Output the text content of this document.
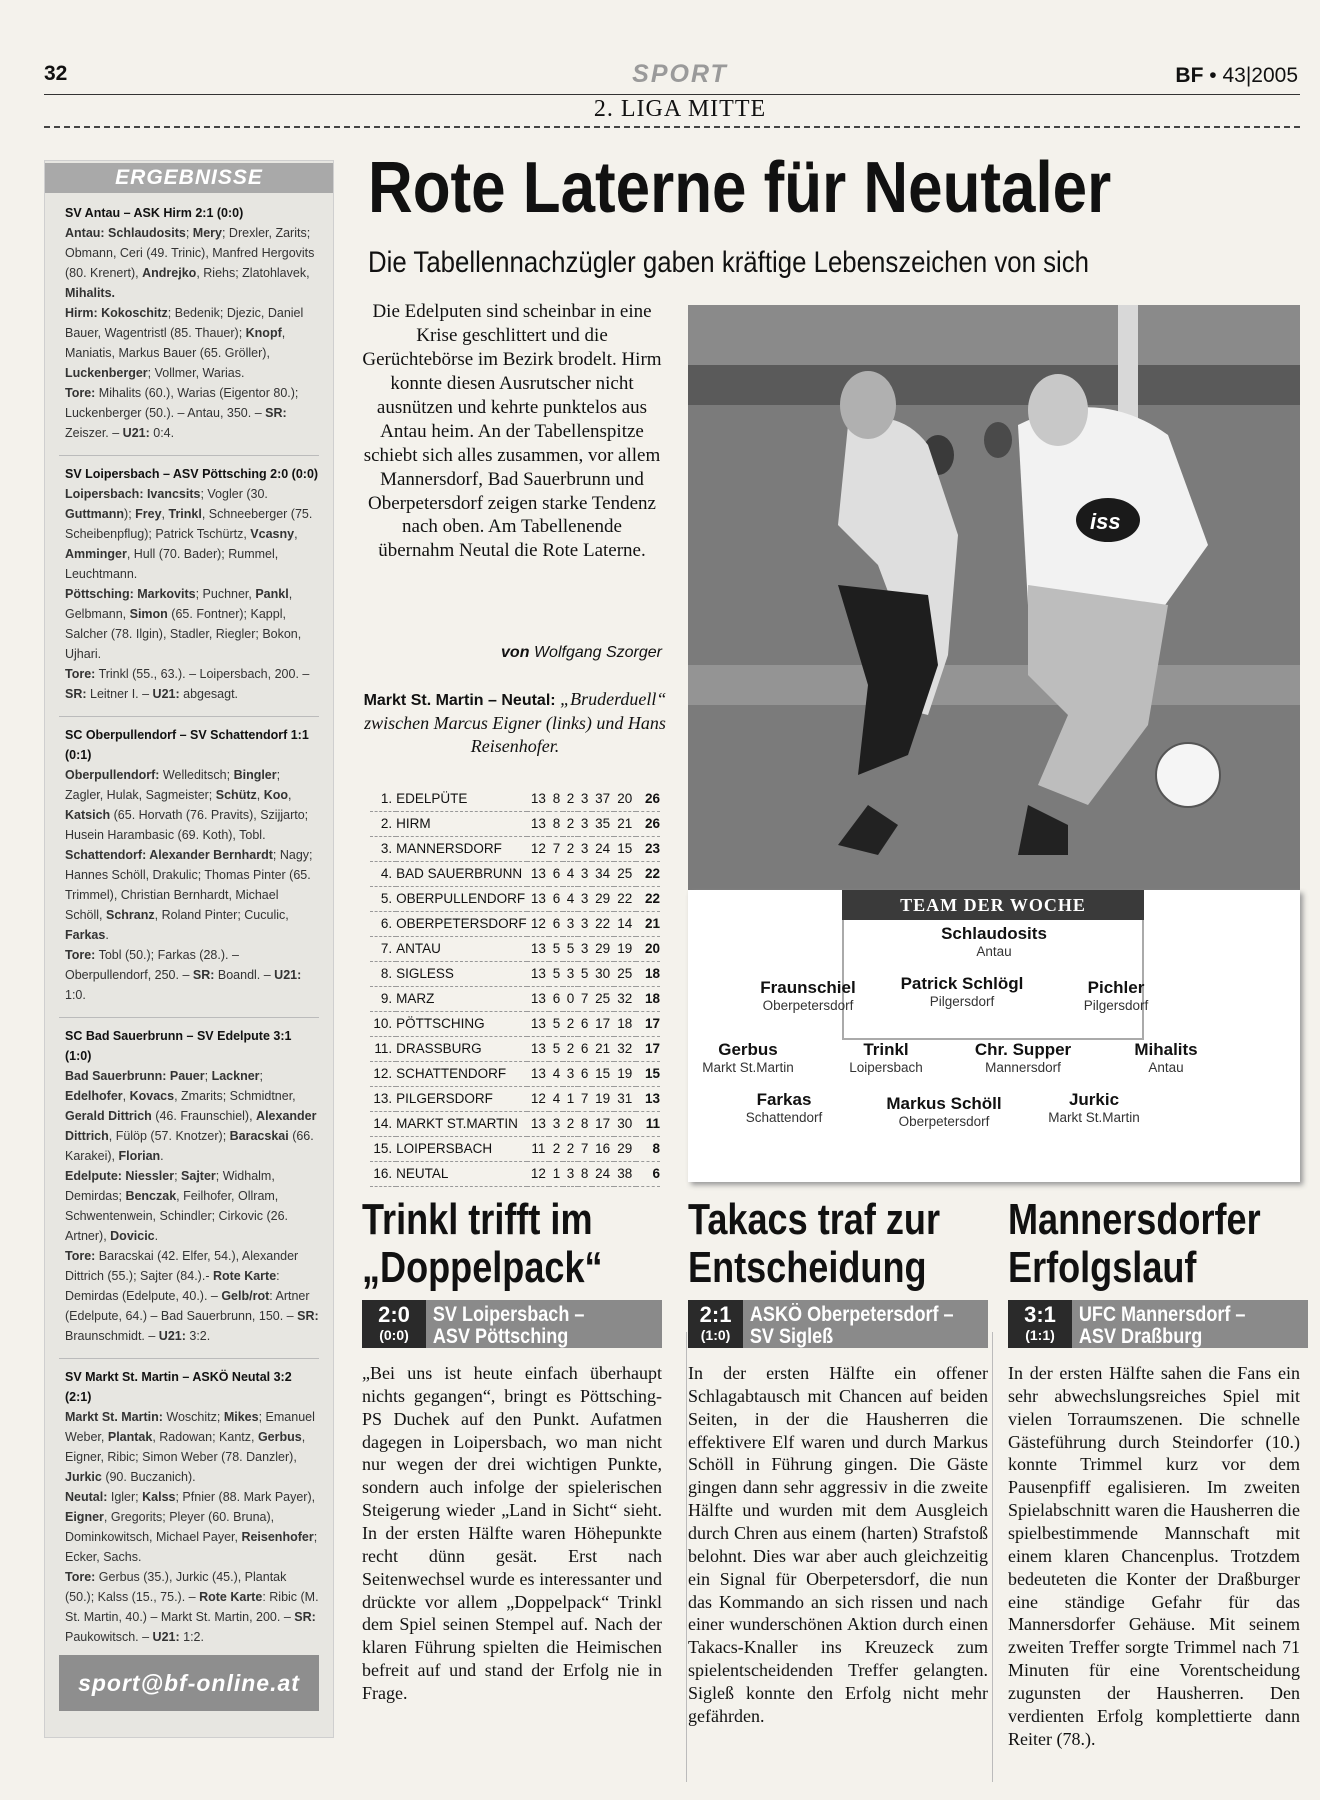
32	SPORT	BF • 43|2005
2. LIGA MITTE
ERGEBNISSE

SV Antau – ASK Hirm 2:1 (0:0)

Antau: Schlaudosits; Mery; Drexler, Zarits; Obmann, Ceri (49. Trinic), Manfred Hergovits (80. Krenert), Andrejko, Riehs; Zlatohlavek, Mihalits.

Hirm: Kokoschitz; Bedenik; Djezic, Daniel Bauer, Wagentristl (85. Thauer); Knopf, Maniatis, Markus Bauer (65. Gröller), Luckenberger; Vollmer, Warias.

Tore: Mihalits (60.), Warias (Eigentor 80.); Luckenberger (50.). – Antau, 350. – SR: Zeiszer. – U21: 0:4.

SV Loipersbach – ASV Pöttsching 2:0 (0:0)

Loipersbach: Ivancsits; Vogler (30. Guttmann); Frey, Trinkl, Schneeberger (75. Scheibenpflug); Patrick Tschürtz, Vcasny, Amminger, Hull (70. Bader); Rummel, Leuchtmann.

Pöttsching: Markovits; Puchner, Pankl, Gelbmann, Simon (65. Fontner); Kappl, Salcher (78. Ilgin), Stadler, Riegler; Bokon, Ujhari.

Tore: Trinkl (55., 63.). – Loipersbach, 200. – SR: Leitner I. – U21: abgesagt.

SC Oberpullendorf – SV Schattendorf 1:1 (0:1)

Oberpullendorf: Welleditsch; Bingler; Zagler, Hulak, Sagmeister; Schütz, Koo, Katsich (65. Horvath (76. Pravits), Szijjarto; Husein Harambasic (69. Koth), Tobl.

Schattendorf: Alexander Bernhardt; Nagy; Hannes Schöll, Drakulic; Thomas Pinter (65. Trimmel), Christian Bernhardt, Michael Schöll, Schranz, Roland Pinter; Cuculic, Farkas.

Tore: Tobl (50.); Farkas (28.). – Oberpullendorf, 250. – SR: Boandl. – U21: 1:0.

SC Bad Sauerbrunn – SV Edelpute 3:1 (1:0)

Bad Sauerbrunn: Pauer; Lackner; Edelhofer, Kovacs, Zmarits; Schmidtner, Gerald Dittrich (46. Fraunschiel), Alexander Dittrich, Fülöp (57. Knotzer); Baracskai (66. Karakei), Florian.

Edelpute: Niessler; Sajter; Widhalm, Demirdas; Benczak, Feilhofer, Ollram, Schwentenwein, Schindler; Cirkovic (26. Artner), Dovicic.

Tore: Baracskai (42. Elfer, 54.), Alexander Dittrich (55.); Sajter (84.).- Rote Karte: Demirdas (Edelpute, 40.). – Gelb/rot: Artner (Edelpute, 64.) – Bad Sauerbrunn, 150. – SR: Braunschmidt. – U21: 3:2.

SV Markt St. Martin – ASKÖ Neutal 3:2 (2:1)

Markt St. Martin: Woschitz; Mikes; Emanuel Weber, Plantak, Radowan; Kantz, Gerbus, Eigner, Ribic; Simon Weber (78. Danzler), Jurkic (90. Buczanich).

Neutal: Igler; Kalss; Pfnier (88. Mark Payer), Eigner, Gregorits; Pleyer (60. Bruna), Dominkowitsch, Michael Payer, Reisenhofer; Ecker, Sachs.

Tore: Gerbus (35.), Jurkic (45.), Plantak (50.); Kalss (15., 75.). – Rote Karte: Ribic (M. St. Martin, 40.) – Markt St. Martin, 200. – SR: Paukowitsch. – U21: 1:2.

sport@bf-online.at
Rote Laterne für Neutaler
Die Tabellennachzügler gaben kräftige Lebenszeichen von sich
Die Edelputen sind scheinbar in eine Krise geschlittert und die Gerüchtebörse im Bezirk brodelt. Hirm konnte diesen Ausrutscher nicht ausnützen und kehrte punktelos aus Antau heim. An der Tabellenspitze schiebt sich alles zusammen, vor allem Mannersdorf, Bad Sauerbrunn und Oberpetersdorf zeigen starke Tendenz nach oben. Am Tabellenende übernahm Neutal die Rote Laterne.
von Wolfgang Szorger
Markt St. Martin – Neutal: „Bruderduell“ zwischen Marcus Eigner (links) und Hans Reisenhofer.
1.	EDELPÜTE	13	8	2	3	37	20	26
2.	HIRM	13	8	2	3	35	21	26
3.	MANNERSDORF	12	7	2	3	24	15	23
4.	BAD SAUERBRUNN	13	6	4	3	34	25	22
5.	OBERPULLENDORF	13	6	4	3	29	22	22
6.	OBERPETERSDORF	12	6	3	3	22	14	21
7.	ANTAU	13	5	5	3	29	19	20
8.	SIGLESS	13	5	3	5	30	25	18
9.	MARZ	13	6	0	7	25	32	18
10.	PÖTTSCHING	13	5	2	6	17	18	17
11.	DRASSBURG	13	5	2	6	21	32	17
12.	SCHATTENDORF	13	4	3	6	15	19	15
13.	PILGERSDORF	12	4	1	7	19	31	13
14.	MARKT ST.MARTIN	13	3	2	8	17	30	11
15.	LOIPERSBACH	11	2	2	7	16	29	8
16.	NEUTAL	12	1	3	8	24	38	6
iss
TEAM DER WOCHE
Schlaudosits
Antau
Fraunschiel
Oberpetersdorf
Patrick Schlögl
Pilgersdorf
Pichler
Pilgersdorf
Gerbus
Markt St.Martin
Trinkl
Loipersbach
Chr. Supper
Mannersdorf
Mihalits
Antau
Farkas
Schattendorf
Markus Schöll
Oberpetersdorf
Jurkic
Markt St.Martin
Trinkl trifft im
„Doppelpack“
2:0
(0:0)
SV Loipersbach –
ASV Pöttsching
„Bei uns ist heute einfach überhaupt nichts gegangen“, bringt es Pöttsching-PS Duchek auf den Punkt. Aufatmen dagegen in Loipersbach, wo man nicht nur wegen der drei wichtigen Punkte, sondern auch infolge der spielerischen Steigerung wieder „Land in Sicht“ sieht. In der ersten Hälfte waren Höhepunkte recht dünn gesät. Erst nach Seitenwechsel wurde es interessanter und drückte vor allem „Doppelpack“ Trinkl dem Spiel seinen Stempel auf. Nach der klaren Führung spielten die Heimischen befreit auf und stand der Erfolg nie in Frage.
Takacs traf zur
Entscheidung
2:1
(1:0)
ASKÖ Oberpetersdorf –
SV Sigleß
In der ersten Hälfte ein offener Schlagabtausch mit Chancen auf beiden Seiten, in der die Hausherren die effektivere Elf waren und durch Markus Schöll in Führung gingen. Die Gäste gingen dann sehr aggressiv in die zweite Hälfte und wurden mit dem Ausgleich durch Chren aus einem (harten) Strafstoß belohnt. Dies war aber auch gleichzeitig ein Signal für Oberpetersdorf, die nun das Kommando an sich rissen und nach einer wunderschönen Aktion durch einen Takacs-Knaller ins Kreuzeck zum spielentscheidenden Treffer gelangten. Sigleß konnte den Erfolg nicht mehr gefährden.
Mannersdorfer
Erfolgslauf
3:1
(1:1)
UFC Mannersdorf –
ASV Draßburg
In der ersten Hälfte sahen die Fans ein sehr abwechslungsreiches Spiel mit vielen Torraumszenen. Die schnelle Gästeführung durch Steindorfer (10.) konnte Trimmel kurz vor dem Pausenpfiff egalisieren. Im zweiten Spielabschnitt waren die Hausherren die spielbestimmende Mannschaft mit einem klaren Chancenplus. Trotzdem bedeuteten die Konter der Draßburger eine ständige Gefahr für das Mannersdorfer Gehäuse. Mit seinem zweiten Treffer sorgte Trimmel nach 71 Minuten für eine Vorentscheidung zugunsten der Hausherren. Den verdienten Erfolg komplettierte dann Reiter (78.).
